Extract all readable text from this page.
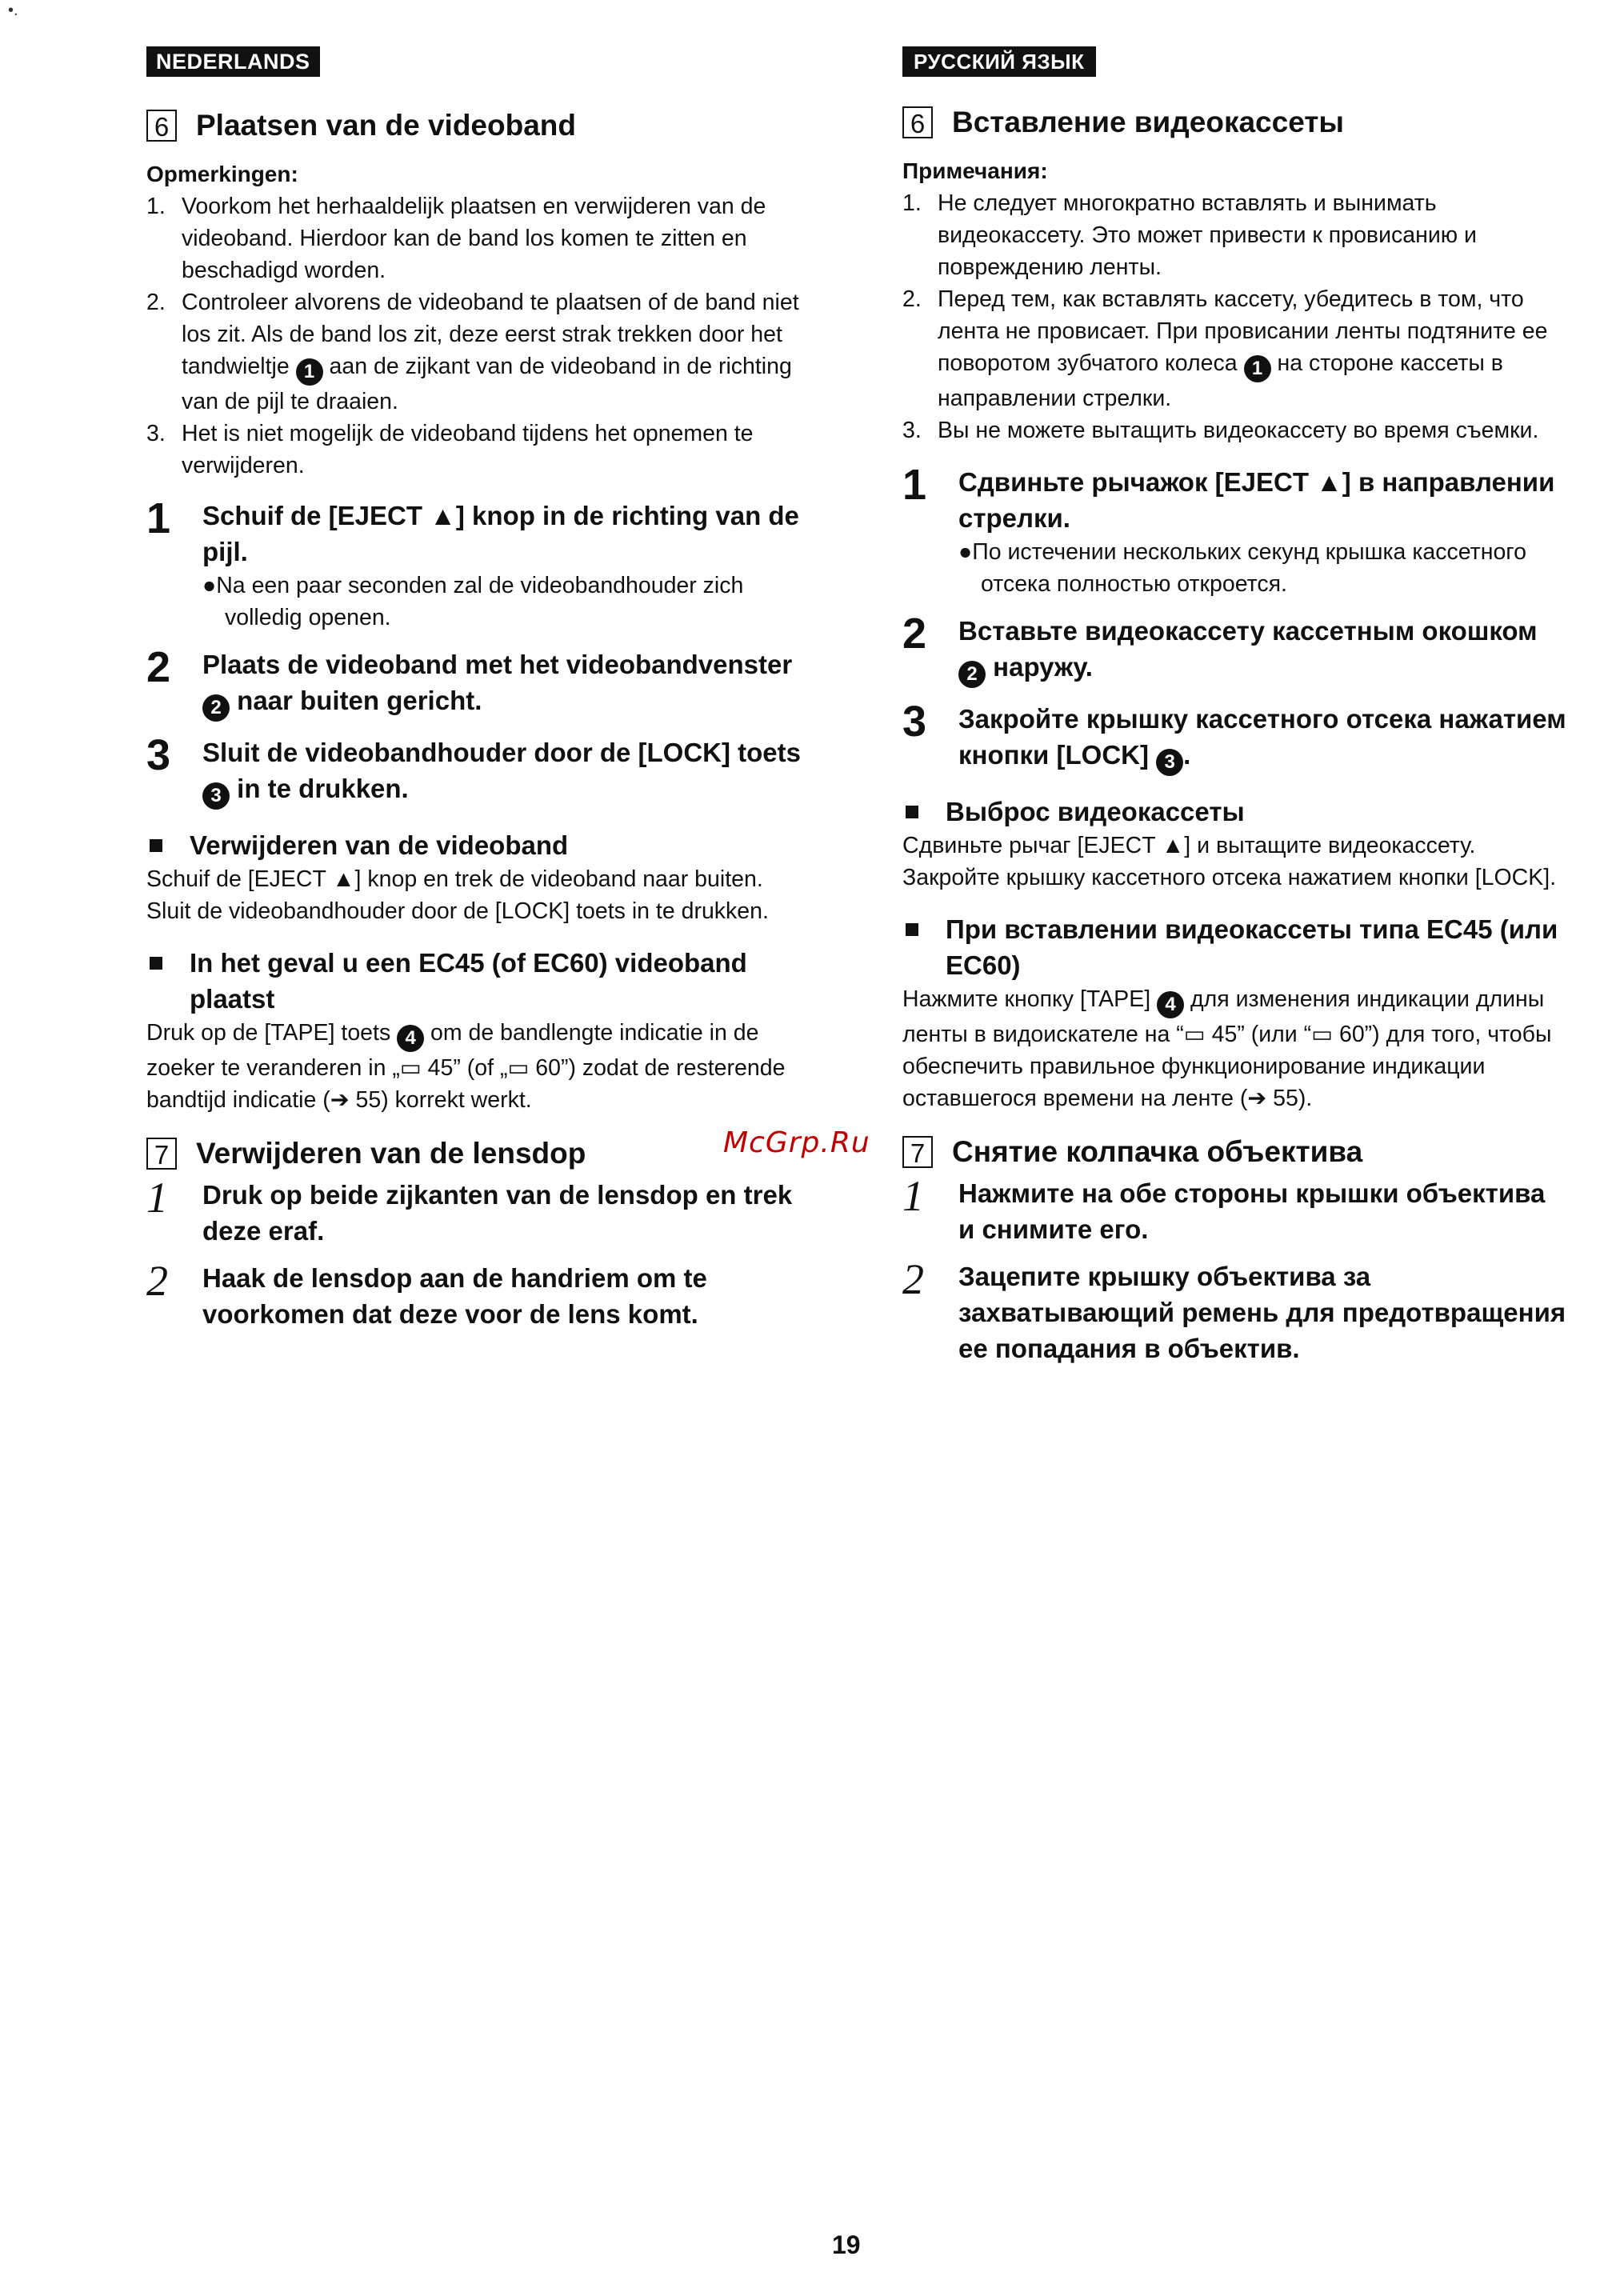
•.
NEDERLANDS
6 Plaatsen van de videoband
Opmerkingen:
1. Voorkom het herhaaldelijk plaatsen en verwijderen van de videoband. Hierdoor kan de band los komen te zitten en beschadigd worden.
2. Controleer alvorens de videoband te plaatsen of de band niet los zit. Als de band los zit, deze eerst strak trekken door het tandwieltje 1 aan de zijkant van de videoband in de richting van de pijl te draaien.
3. Het is niet mogelijk de videoband tijdens het opnemen te verwijderen.
1	Schuif de [EJECT ▲] knop in de richting van de pijl.
●Na een paar seconden zal de videobandhouder zich volledig openen.
2	Plaats de videoband met het videobandvenster 2 naar buiten gericht.
3	Sluit de videobandhouder door de [LOCK] toets 3 in te drukken.
Verwijderen van de videoband
Schuif de [EJECT ▲] knop en trek de videoband naar buiten. Sluit de videobandhouder door de [LOCK] toets in te drukken.
In het geval u een EC45 (of EC60) videoband plaatst
Druk op de [TAPE] toets 4 om de bandlengte indicatie in de zoeker te veranderen in „▭ 45” (of „▭ 60”) zodat de resterende bandtijd indicatie (➔ 55) korrekt werkt.
7 Verwijderen van de lensdop
1	Druk op beide zijkanten van de lensdop en trek deze eraf.
2	Haak de lensdop aan de handriem om te voorkomen dat deze voor de lens komt.
РУССКИЙ ЯЗЫК
6 Вставление видеокассеты
Примечания:
1. Не следует многократно вставлять и вынимать видеокассету. Это может привести к провисанию и повреждению ленты.
2. Перед тем, как вставлять кассету, убедитесь в том, что лента не провисает. При провисании ленты подтяните ее поворотом зубчатого колеса 1 на стороне кассеты в направлении стрелки.
3. Вы не можете вытащить видеокассету во время съемки.
1	Сдвиньте рычажок [EJECT ▲] в направлении стрелки.
●По истечении нескольких секунд крышка кассетного отсека полностью откроется.
2	Вставьте видеокассету кассетным окошком 2 наружу.
3	Закройте крышку кассетного отсека нажатием кнопки [LOCK] 3 .
Выброс видеокассеты
Сдвиньте рычаг [EJECT ▲] и вытащите видеокассету.
Закройте крышку кассетного отсека нажатием кнопки [LOCK].
При вставлении видеокассеты типа EC45 (или EC60)
Нажмите кнопку [TAPE] 4 для изменения индикации длины ленты в видоискателе на “▭ 45” (или “▭ 60”) для того, чтобы обеспечить правильное функционирование индикации оставшегося времени на ленте (➔ 55).
7 Снятие колпачка объектива
1	Нажмите на обе стороны крышки объектива и снимите его.
2	Зацепите крышку объектива за захватывающий ремень для предотвращения ее попадания в объектив.
McGrp.Ru
19
